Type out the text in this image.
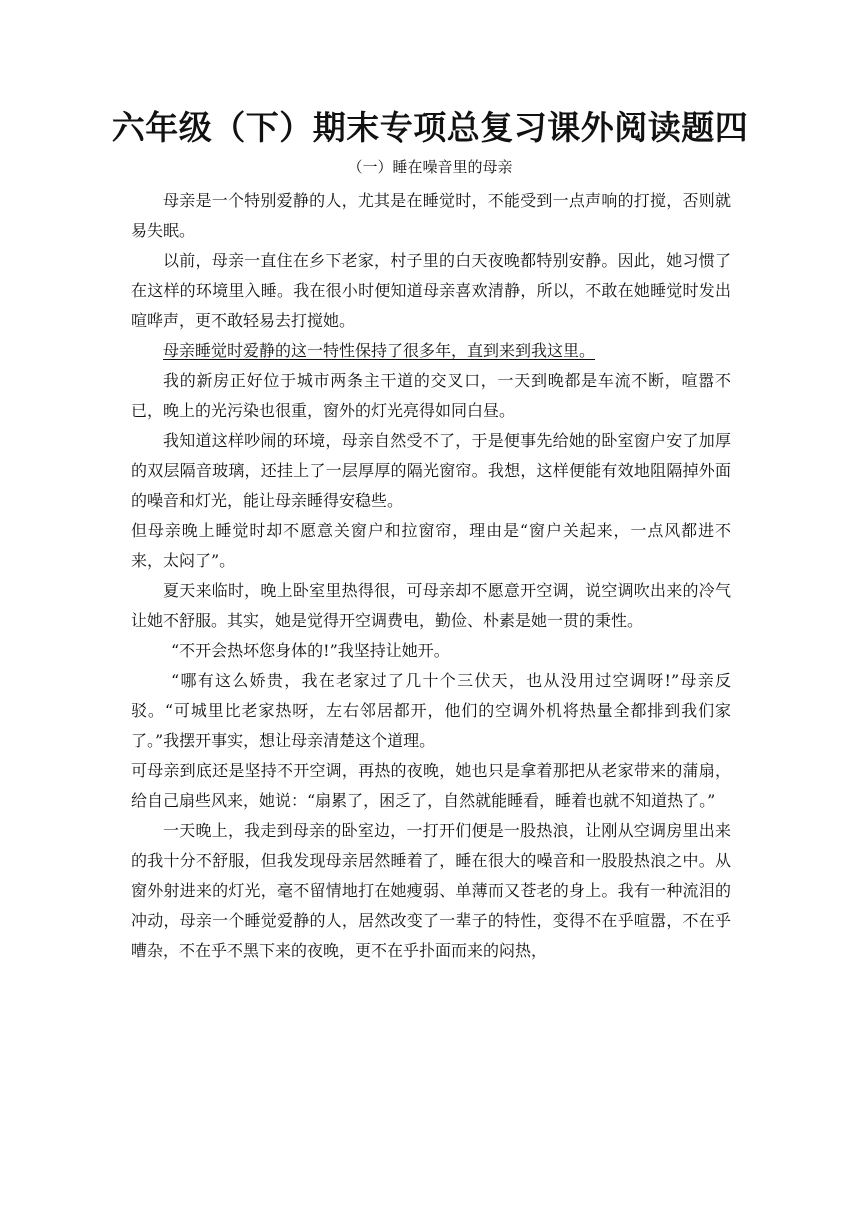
六年级（下）期末专项总复习课外阅读题四
（一）睡在噪音里的母亲

母亲是一个特别爱静的人，尤其是在睡觉时，不能受到一点声响的打搅，否则就易失眠。

以前，母亲一直住在乡下老家，村子里的白天夜晚都特别安静。因此，她习惯了在这样的环境里入睡。我在很小时便知道母亲喜欢清静，所以，不敢在她睡觉时发出喧哗声，更不敢轻易去打搅她。

母亲睡觉时爱静的这一特性保持了很多年，直到来到我这里。

我的新房正好位于城市两条主干道的交叉口，一天到晚都是车流不断，喧嚣不已，晚上的光污染也很重，窗外的灯光亮得如同白昼。

我知道这样吵闹的环境，母亲自然受不了，于是便事先给她的卧室窗户安了加厚的双层隔音玻璃，还挂上了一层厚厚的隔光窗帘。我想，这样便能有效地阻隔掉外面的噪音和灯光，能让母亲睡得安稳些。

但母亲晚上睡觉时却不愿意关窗户和拉窗帘，理由是“窗户关起来，一点风都进不来，太闷了”。

夏天来临时，晚上卧室里热得很，可母亲却不愿意开空调，说空调吹出来的冷气让她不舒服。其实，她是觉得开空调费电，勤俭、朴素是她一贯的秉性。

“不开会热坏您身体的!”我坚持让她开。

“哪有这么娇贵，我在老家过了几十个三伏天，也从没用过空调呀!”母亲反驳。“可城里比老家热呀，左右邻居都开，他们的空调外机将热量全都排到我们家了。”我摆开事实，想让母亲清楚这个道理。

可母亲到底还是坚持不开空调，再热的夜晚，她也只是拿着那把从老家带来的蒲扇，给自己扇些风来，她说：“扇累了，困乏了，自然就能睡看，睡着也就不知道热了。”

一天晚上，我走到母亲的卧室边，一打开们便是一股热浪，让刚从空调房里出来的我十分不舒服，但我发现母亲居然睡着了，睡在很大的噪音和一股股热浪之中。从窗外射进来的灯光，毫不留情地打在她瘦弱、单薄而又苍老的身上。我有一种流泪的冲动，母亲一个睡觉爱静的人，居然改变了一辈子的特性，变得不在乎喧嚣，不在乎嘈杂，不在乎不黑下来的夜晚，更不在乎扑面而来的闷热，
